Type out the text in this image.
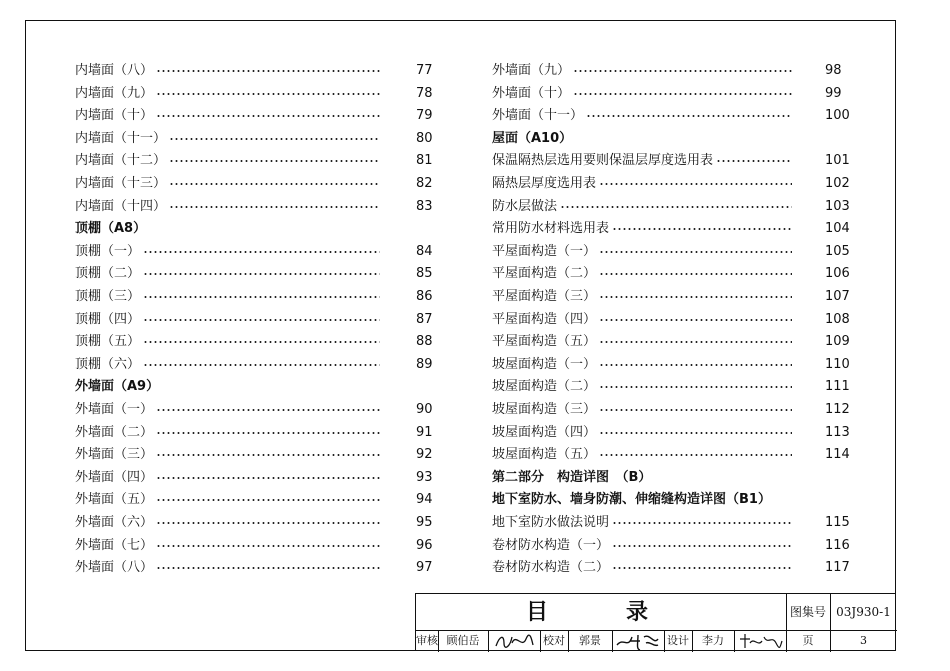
内墙面（八）	77
内墙面（九）	78
内墙面（十）	79
内墙面（十一）	80
内墙面（十二）	81
内墙面（十三）	82
内墙面（十四）	83
顶棚（A8）
顶棚（一）	84
顶棚（二）	85
顶棚（三）	86
顶棚（四）	87
顶棚（五）	88
顶棚（六）	89
外墙面（A9）
外墙面（一）	90
外墙面（二）	91
外墙面（三）	92
外墙面（四）	93
外墙面（五）	94
外墙面（六）	95
外墙面（七）	96
外墙面（八）	97
外墙面（九）	98
外墙面（十）	99
外墙面（十一）	100
屋面（A10）
保温隔热层选用要则保温层厚度选用表	101
隔热层厚度选用表	102
防水层做法	103
常用防水材料选用表	104
平屋面构造（一）	105
平屋面构造（二）	106
平屋面构造（三）	107
平屋面构造（四）	108
平屋面构造（五）	109
坡屋面构造（一）	110
坡屋面构造（二）	111
坡屋面构造（三）	112
坡屋面构造（四）	113
坡屋面构造（五）	114
第二部分　构造详图　（B）
地下室防水、墙身防潮、伸缩缝构造详图（B1）
地下室防水做法说明	115
卷材防水构造（一）	116
卷材防水构造（二）	117
目　录	图集号 03J930-1
审核 顾伯岳	校对	郭景	设计	李力	页	3
